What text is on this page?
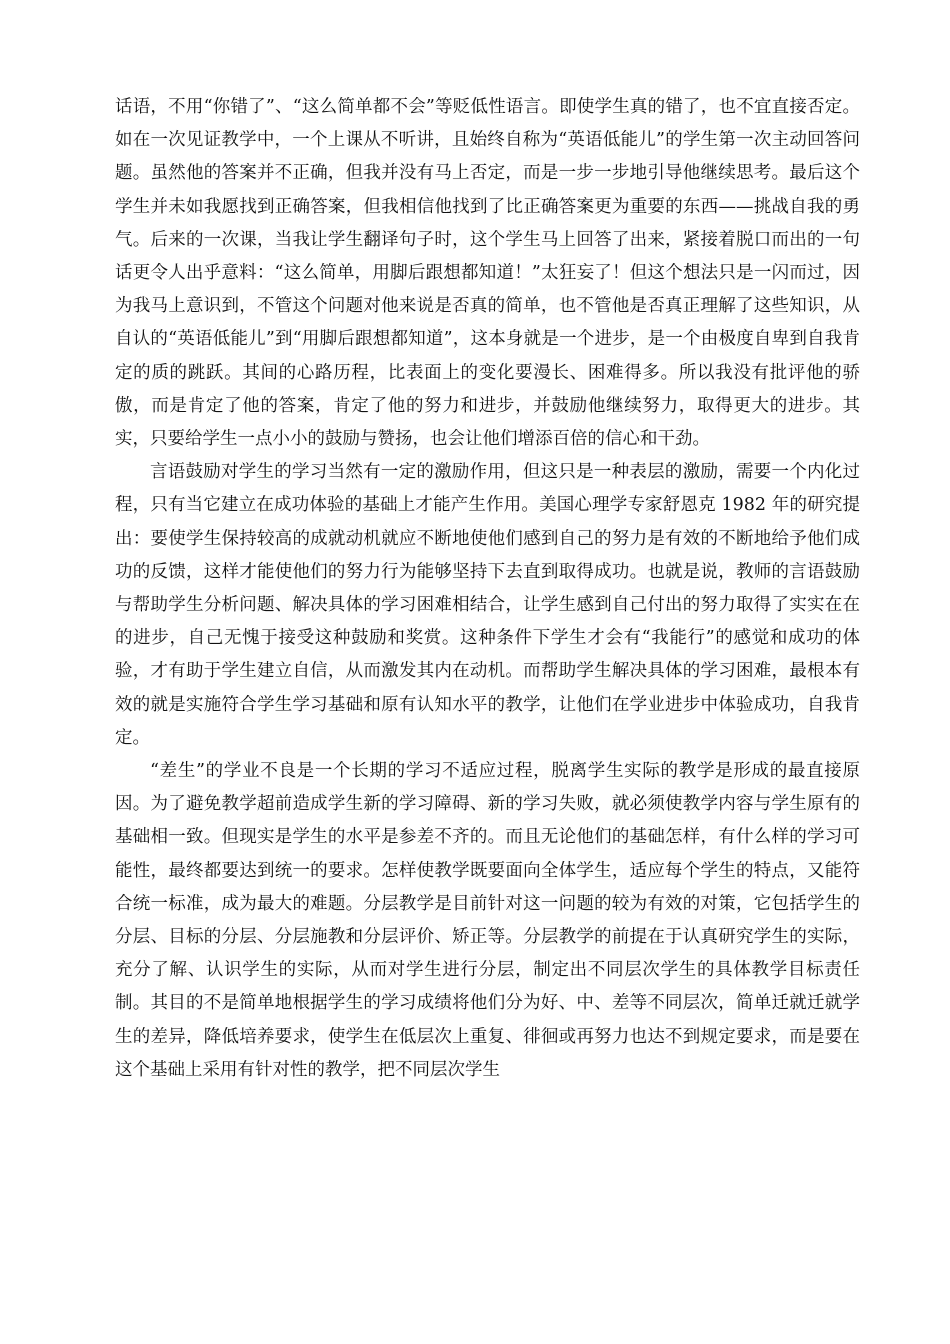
话语，不用“你错了”、“这么简单都不会”等贬低性语言。即使学生真的错了，也不宜直接否定。如在一次见证教学中，一个上课从不听讲，且始终自称为“英语低能儿”的学生第一次主动回答问题。虽然他的答案并不正确，但我并没有马上否定，而是一步一步地引导他继续思考。最后这个学生并未如我愿找到正确答案，但我相信他找到了比正确答案更为重要的东西——挑战自我的勇气。后来的一次课，当我让学生翻译句子时，这个学生马上回答了出来，紧接着脱口而出的一句话更令人出乎意料：“这么简单，用脚后跟想都知道！”太狂妄了！但这个想法只是一闪而过，因为我马上意识到，不管这个问题对他来说是否真的简单，也不管他是否真正理解了这些知识，从自认的“英语低能儿”到“用脚后跟想都知道”，这本身就是一个进步，是一个由极度自卑到自我肯定的质的跳跃。其间的心路历程，比表面上的变化要漫长、困难得多。所以我没有批评他的骄傲，而是肯定了他的答案，肯定了他的努力和进步，并鼓励他继续努力，取得更大的进步。其实，只要给学生一点小小的鼓励与赞扬，也会让他们增添百倍的信心和干劲。

言语鼓励对学生的学习当然有一定的激励作用，但这只是一种表层的激励，需要一个内化过程，只有当它建立在成功体验的基础上才能产生作用。美国心理学专家舒恩克 1982 年的研究提出：要使学生保持较高的成就动机就应不断地使他们感到自己的努力是有效的不断地给予他们成功的反馈，这样才能使他们的努力行为能够坚持下去直到取得成功。也就是说，教师的言语鼓励与帮助学生分析问题、解决具体的学习困难相结合，让学生感到自己付出的努力取得了实实在在的进步，自己无愧于接受这种鼓励和奖赏。这种条件下学生才会有“我能行”的感觉和成功的体验，才有助于学生建立自信，从而激发其内在动机。而帮助学生解决具体的学习困难，最根本有效的就是实施符合学生学习基础和原有认知水平的教学，让他们在学业进步中体验成功，自我肯定。

“差生”的学业不良是一个长期的学习不适应过程，脱离学生实际的教学是形成的最直接原因。为了避免教学超前造成学生新的学习障碍、新的学习失败，就必须使教学内容与学生原有的基础相一致。但现实是学生的水平是参差不齐的。而且无论他们的基础怎样，有什么样的学习可能性，最终都要达到统一的要求。怎样使教学既要面向全体学生，适应每个学生的特点，又能符合统一标准，成为最大的难题。分层教学是目前针对这一问题的较为有效的对策，它包括学生的分层、目标的分层、分层施教和分层评价、矫正等。分层教学的前提在于认真研究学生的实际，充分了解、认识学生的实际，从而对学生进行分层，制定出不同层次学生的具体教学目标责任制。其目的不是简单地根据学生的学习成绩将他们分为好、中、差等不同层次，简单迁就迁就学生的差异，降低培养要求，使学生在低层次上重复、徘徊或再努力也达不到规定要求，而是要在这个基础上采用有针对性的教学，把不同层次学生
